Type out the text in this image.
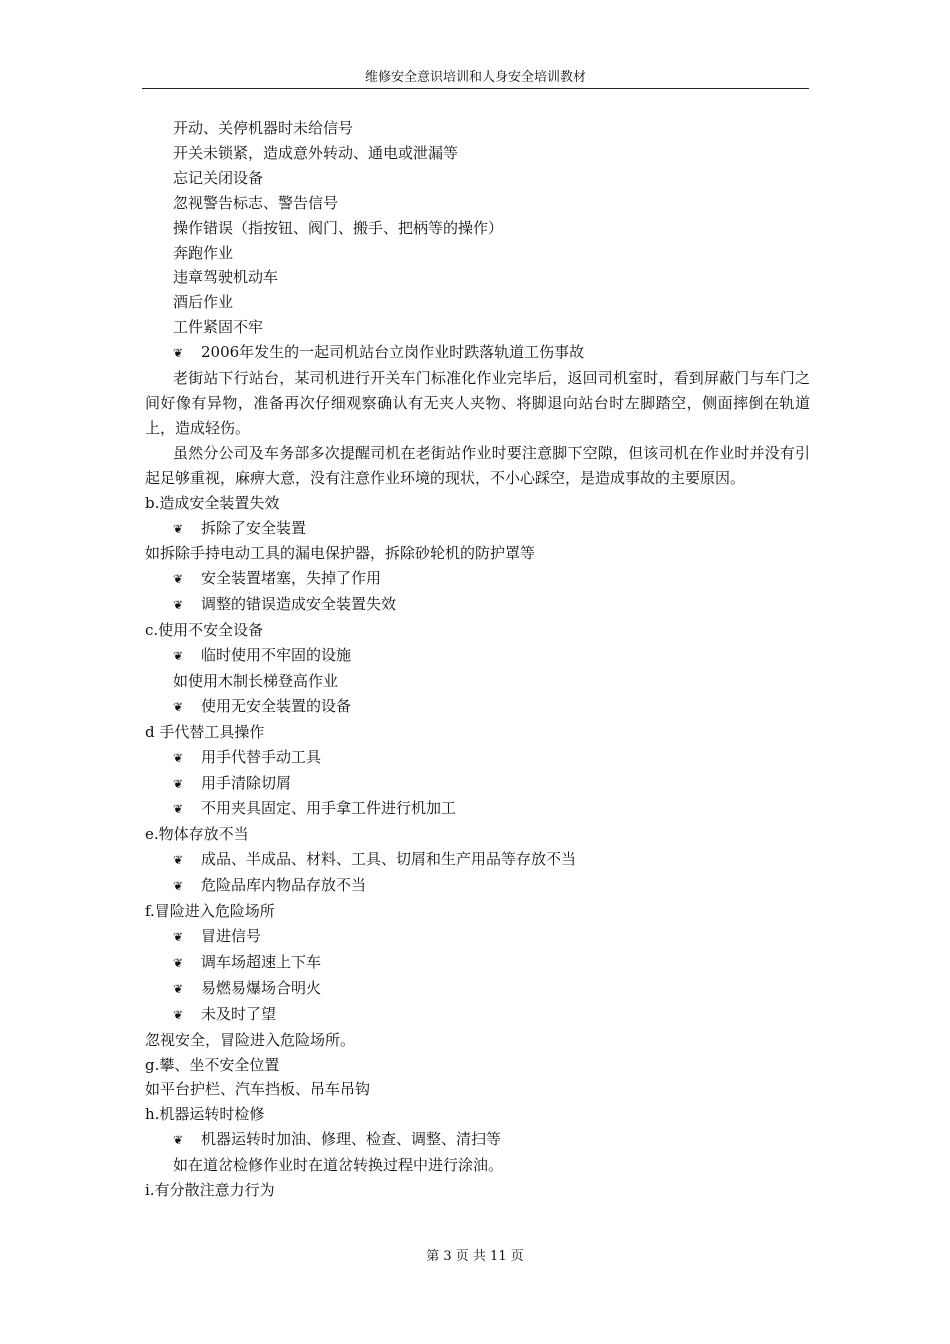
维修安全意识培训和人身安全培训教材
开动、关停机器时未给信号
开关未锁紧，造成意外转动、通电或泄漏等
忘记关闭设备
忽视警告标志、警告信号
操作错误（指按钮、阀门、搬手、把柄等的操作）
奔跑作业
违章驾驶机动车
酒后作业
工件紧固不牢
❦ 2006年发生的一起司机站台立岗作业时跌落轨道工伤事故
老街站下行站台，某司机进行开关车门标准化作业完毕后，返回司机室时，看到屏蔽门与车门之间好像有异物，准备再次仔细观察确认有无夹人夹物、将脚退向站台时左脚踏空，侧面摔倒在轨道上，造成轻伤。
虽然分公司及车务部多次提醒司机在老街站作业时要注意脚下空隙，但该司机在作业时并没有引起足够重视，麻痹大意，没有注意作业环境的现状，不小心踩空，是造成事故的主要原因。
b.造成安全装置失效
❦ 拆除了安全装置
如拆除手持电动工具的漏电保护器，拆除砂轮机的防护罩等
❦ 安全装置堵塞，失掉了作用
❦ 调整的错误造成安全装置失效
c.使用不安全设备
❦ 临时使用不牢固的设施
如使用木制长梯登高作业
❦ 使用无安全装置的设备
d 手代替工具操作
❦ 用手代替手动工具
❦ 用手清除切屑
❦ 不用夹具固定、用手拿工件进行机加工
e.物体存放不当
❦ 成品、半成品、材料、工具、切屑和生产用品等存放不当
❦ 危险品库内物品存放不当
f.冒险进入危险场所
❦ 冒进信号
❦ 调车场超速上下车
❦ 易燃易爆场合明火
❦ 未及时了望
忽视安全，冒险进入危险场所。
g.攀、坐不安全位置
如平台护栏、汽车挡板、吊车吊钩
h.机器运转时检修
❦ 机器运转时加油、修理、检查、调整、清扫等
如在道岔检修作业时在道岔转换过程中进行涂油。
i.有分散注意力行为
第 3 页 共 11 页
